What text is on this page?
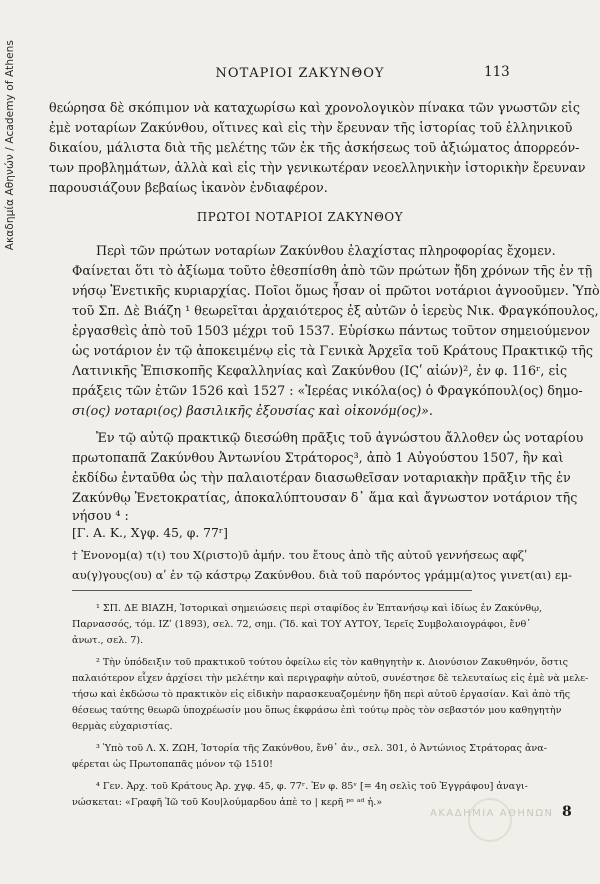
Ακαδημία Αθηνών / Academy of Athens	ΝΟΤΑΡΙΟΙ ΖΑΚΥΝΘΟΥ	113
θεώρησα δὲ σκόπιμον νὰ καταχωρίσω καὶ χρονολογικὸν πίνακα τῶν γνωστῶν εἰς
ἐμὲ νοταρίων Ζακύνθου, οἵτινες καὶ εἰς τὴν ἔρευναν τῆς ἱστορίας τοῦ ἑλληνικοῦ
δικαίου, μάλιστα διὰ τῆς μελέτης τῶν ἐκ τῆς ἀσκήσεως τοῦ ἀξιώματος ἀπορρεόν-
των προβλημάτων, ἀλλὰ καὶ εἰς τὴν γενικωτέραν νεοελληνικὴν ἱστορικὴν ἔρευναν
παρουσιάζουν βεβαίως ἱκανὸν ἐνδιαφέρον.
ΠΡΩΤΟΙ ΝΟΤΑΡΙΟΙ ΖΑΚΥΝΘΟΥ
Περὶ τῶν πρώτων νοταρίων Ζακύνθου ἐλαχίστας πληροφορίας ἔχομεν.
Φαίνεται ὅτι τὸ ἀξίωμα τοῦτο ἐθεσπίσθη ἀπὸ τῶν πρώτων ἤδη χρόνων τῆς ἐν τῇ
νήσῳ Ἐνετικῆς κυριαρχίας. Ποῖοι ὅμως ἦσαν οἱ πρῶτοι νοτάριοι ἀγνοοῦμεν. Ὑπὸ
τοῦ Σπ. Δὲ Βιάζη ¹ θεωρεῖται ἀρχαιότερος ἐξ αὐτῶν ὁ ἱερεὺς Νικ. Φραγκόπουλος,
ἐργασθεὶς ἀπὸ τοῦ 1503 μέχρι τοῦ 1537. Εὑρίσκω πάντως τοῦτον σημειούμενον
ὡς νοτάριον ἐν τῷ ἀποκειμένῳ εἰς τὰ Γενικὰ Ἀρχεῖα τοῦ Κράτους Πρακτικῷ τῆς
Λατινικῆς Ἐπισκοπῆς Κεφαλληνίας καὶ Ζακύνθου (ΙϚʹ αἰών)², ἐν φ. 116ʳ, εἰς
πράξεις τῶν ἐτῶν 1526 καὶ 1527 : «Ἱερέας νικόλα(ος) ὁ Φραγκόπουλ(ος) δημο-
σι(ος) νοταρι(ος) βασιλικῆς ἐξουσίας καὶ οἰκονόμ(ος)».
Ἐν τῷ αὐτῷ πρακτικῷ διεσώθη πρᾶξις τοῦ ἀγνώστου ἄλλοθεν ὡς νοταρίου
πρωτοπαπᾶ Ζακύνθου Ἀντωνίου Στράτορος³, ἀπὸ 1 Αὐγούστου 1507, ἣν καὶ
ἐκδίδω ἐνταῦθα ὡς τὴν παλαιοτέραν διασωθεῖσαν νοταριακὴν πρᾶξιν τῆς ἐν
Ζακύνθῳ Ἐνετοκρατίας, ἀποκαλύπτουσαν δ᾽ ἅμα καὶ ἄγνωστον νοτάριον τῆς
νήσου ⁴ :
[Γ. Α. Κ., Χγφ. 45, φ. 77ʳ]
† Ἐνονομ(α) τ(ι) του Χ(ριστο)ῦ ἀμήν. του ἔτους ἀπὸ τῆς αὐτοῦ γεννήσεως αφζʹ
αυ(γ)γους(ου) αʹ ἐν τῷ κάστρῳ Ζακύνθου. διὰ τοῦ παρόντος γράμμ(α)τος γινετ(αι) εμ-
¹ ΣΠ. ΔΕ ΒΙΑΖΗ, Ἱστορικαὶ σημειώσεις περὶ σταφίδος ἐν Ἑπτανήσῳ καὶ ἰδίως ἐν Ζακύνθῳ,
Παρνασσός, τόμ. ΙΖʹ (1893), σελ. 72, σημ. (Ἴδ. καὶ ΤΟΥ ΑΥΤΟΥ, Ἱερεῖς Συμβολαιογράφοι, ἔνθ᾽
ἀνωτ., σελ. 7).
² Τὴν ὑπόδειξιν τοῦ πρακτικοῦ τούτου ὀφείλω εἰς τὸν καθηγητὴν κ. Διονύσιον Ζακυθηνόν, ὅστις
παλαιότερον εἶχεν ἀρχίσει τὴν μελέτην καὶ περιγραφὴν αὐτοῦ, συνέστησε δὲ τελευταίως εἰς ἐμὲ νὰ μελε-
τήσω καὶ ἐκδώσω τὸ πρακτικὸν εἰς εἰδικὴν παρασκευαζομένην ἤδη περὶ αὐτοῦ ἐργασίαν. Καὶ ἀπὸ τῆς
θέσεως ταύτης θεωρῶ ὑποχρέωσίν μου ὅπως ἐκφράσω ἐπὶ τούτῳ πρὸς τὸν σεβαστόν μου καθηγητὴν
θερμὰς εὐχαριστίας.
³ Ὑπὸ τοῦ Λ. Χ. ΖΩΗ, Ἱστορία τῆς Ζακύνθου, ἔνθ᾽ ἀν., σελ. 301, ὁ Ἀντώνιος Στράτορας ἀνα-
φέρεται ὡς Πρωτοπαπᾶς μόνον τῷ 1510!
⁴ Γεν. Ἀρχ. τοῦ Κράτους Ἀρ. χγφ. 45, φ. 77ʳ. Ἐν φ. 85ᵛ [= 4η σελὶς τοῦ Ἐγγράφου] ἀναγι-
νώσκεται: «Γραφῆ Ἰῶ τοῦ Κου|λούμαρδου ἀπὲ το | κερῆ ᵖᵒ ᵃᵈ ἡ.»
ΑΚΑΔΗΜΙΑ ΑΘΗΝΩΝ 8
